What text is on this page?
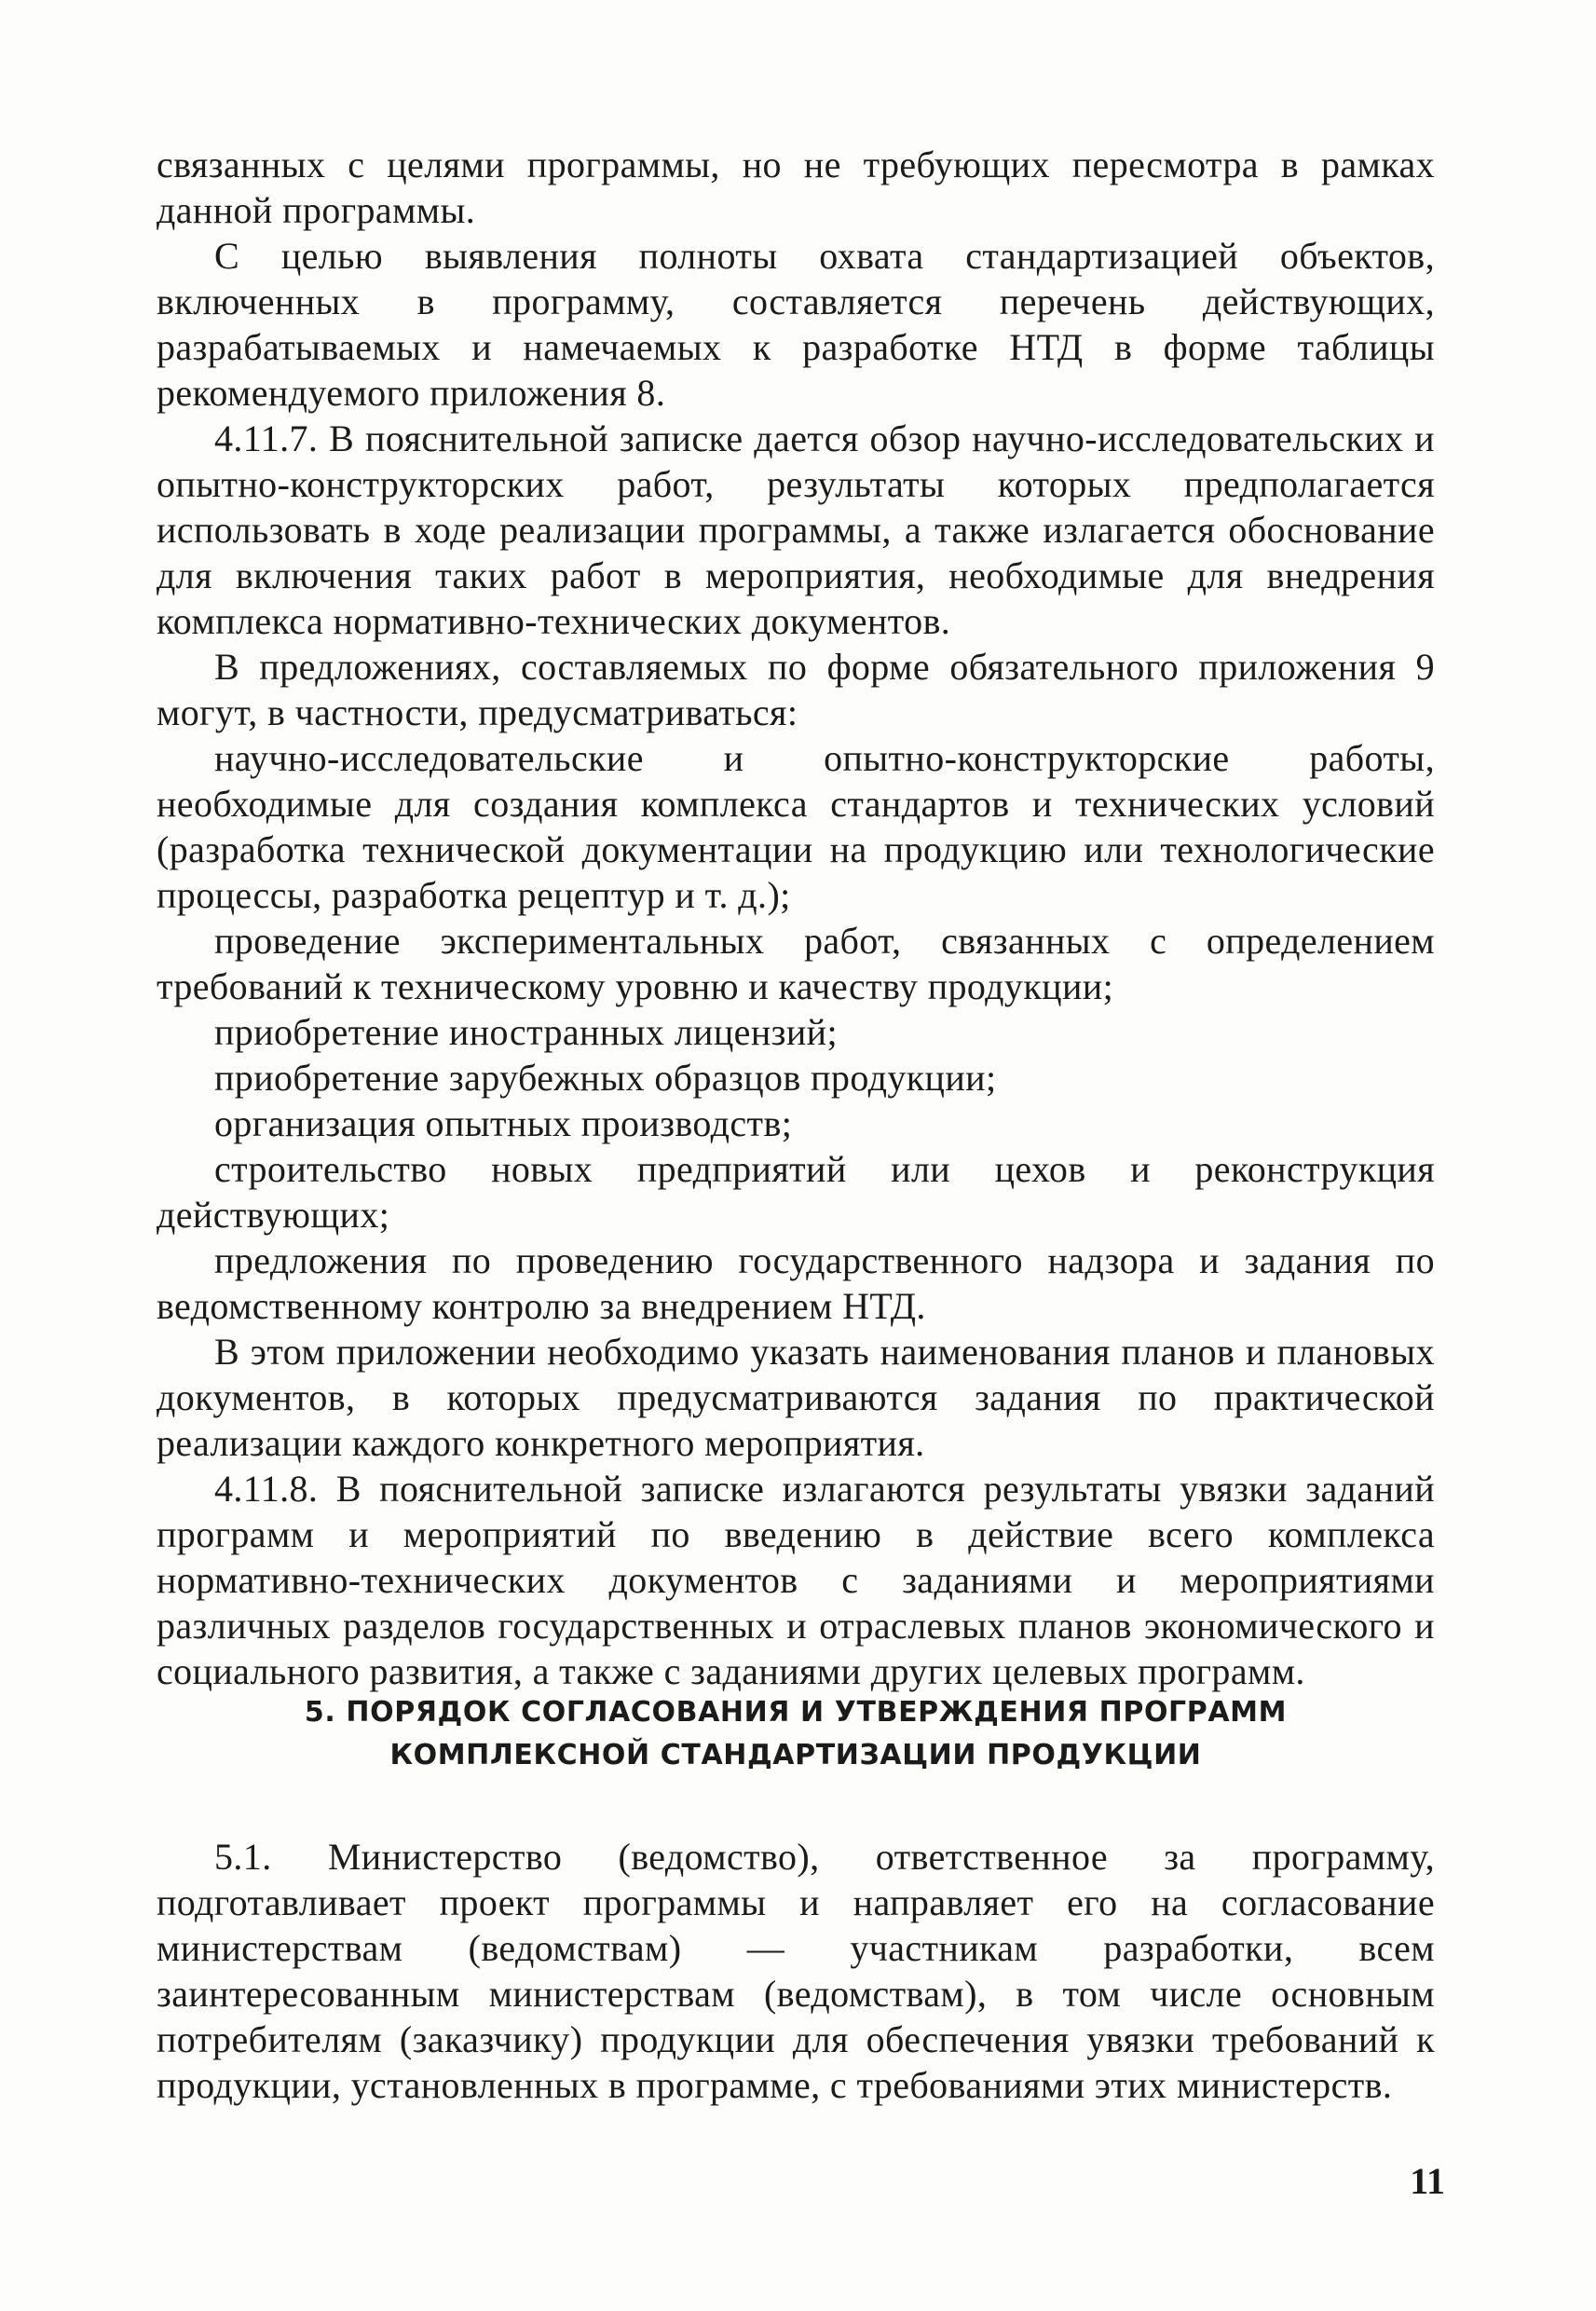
связанных с целями программы, но не требующих пересмотра в рамках данной программы.

С целью выявления полноты охвата стандартизацией объектов, включенных в программу, составляется перечень действующих, разрабатываемых и намечаемых к разработке НТД в форме таблицы рекомендуемого приложения 8.

4.11.7. В пояснительной записке дается обзор научно-исследовательских и опытно-конструкторских работ, результаты которых предполагается использовать в ходе реализации программы, а также излагается обоснование для включения таких работ в мероприятия, необходимые для внедрения комплекса нормативно-технических документов.

В предложениях, составляемых по форме обязательного приложения 9 могут, в частности, предусматриваться:

научно-исследовательские и опытно-конструкторские работы, необходимые для создания комплекса стандартов и технических условий (разработка технической документации на продукцию или технологические процессы, разработка рецептур и т. д.);

проведение экспериментальных работ, связанных с определением требований к техническому уровню и качеству продукции;

приобретение иностранных лицензий;

приобретение зарубежных образцов продукции;

организация опытных производств;

строительство новых предприятий или цехов и реконструкция действующих;

предложения по проведению государственного надзора и задания по ведомственному контролю за внедрением НТД.

В этом приложении необходимо указать наименования планов и плановых документов, в которых предусматриваются задания по практической реализации каждого конкретного мероприятия.

4.11.8. В пояснительной записке излагаются результаты увязки заданий программ и мероприятий по введению в действие всего комплекса нормативно-технических документов с заданиями и мероприятиями различных разделов государственных и отраслевых планов экономического и социального развития, а также с заданиями других целевых программ.

5. ПОРЯДОК СОГЛАСОВАНИЯ И УТВЕРЖДЕНИЯ ПРОГРАММ
КОМПЛЕКСНОЙ СТАНДАРТИЗАЦИИ ПРОДУКЦИИ

5.1. Министерство (ведомство), ответственное за программу, подготавливает проект программы и направляет его на согласование министерствам (ведомствам) — участникам разработки, всем заинтересованным министерствам (ведомствам), в том числе основным потребителям (заказчику) продукции для обеспечения увязки требований к продукции, установленных в программе, с требованиями этих министерств.

11
